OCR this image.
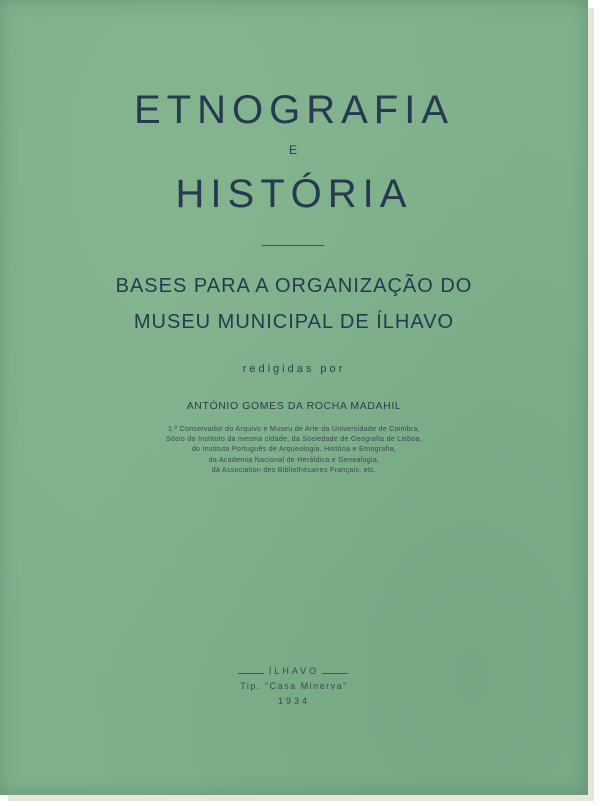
ETNOGRAFIA
E
HISTÓRIA
BASES PARA A ORGANIZAÇÃO DO
MUSEU MUNICIPAL DE ÍLHAVO
redigidas por
ANTÓNIO GOMES DA ROCHA MADAHIL
1.º Conservador do Arquivo e Museu de Arte da Universidade de Coimbra,
Sócio do Instituto da mesma cidade, da Sociedade de Geografia de Lisboa,
do Instituto Português de Arqueologia, História e Etnografia,
da Academia Nacional de Heráldica e Genealogia,
da Association des Bibliothécaires Français, etc.
ÍLHAVO
Tip. "Casa Minerva"
1934
